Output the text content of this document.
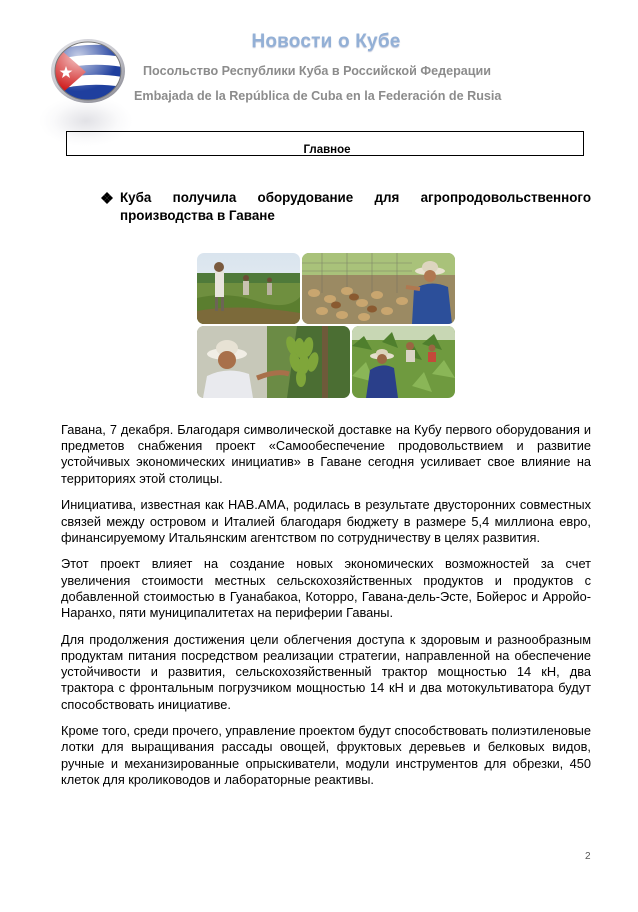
Новости о Кубе
Посольство Республики Куба в Российской Федерации
Embajada de la República de Cuba en la Federación de Rusia
Главное
Куба получила оборудование для агропродовольственного
производства в Гаване

Гавана, 7 декабря. Благодаря символической доставке на Кубу первого оборудования и предметов снабжения проект «Самообеспечение продовольствием и развитие устойчивых экономических инициатив» в Гаване сегодня усиливает свое влияние на территориях этой столицы.

Инициатива, известная как НАВ.АМА, родилась в результате двусторонних совместных связей между островом и Италией благодаря бюджету в размере 5,4 миллиона евро, финансируемому Итальянским агентством по сотрудничеству в целях развития.

Этот проект влияет на создание новых экономических возможностей за счет увеличения стоимости местных сельскохозяйственных продуктов и продуктов с добавленной стоимостью в Гуанабакоа, Которро, Гавана-дель-Эсте, Бойерос и Арройо-Наранхо, пяти муниципалитетах на периферии Гаваны.

Для продолжения достижения цели облегчения доступа к здоровым и разнообразным продуктам питания посредством реализации стратегии, направленной на обеспечение устойчивости и развития, сельскохозяйственный трактор мощностью 14 кН, два трактора с фронтальным погрузчиком мощностью 14 кН и два мотокультиватора будут способствовать инициативе.

Кроме того, среди прочего, управление проектом будут способствовать полиэтиленовые лотки для выращивания рассады овощей, фруктовых деревьев и белковых видов, ручные и механизированные опрыскиватели, модули инструментов для обрезки, 450 клеток для кролиководов и лабораторные реактивы.

2
